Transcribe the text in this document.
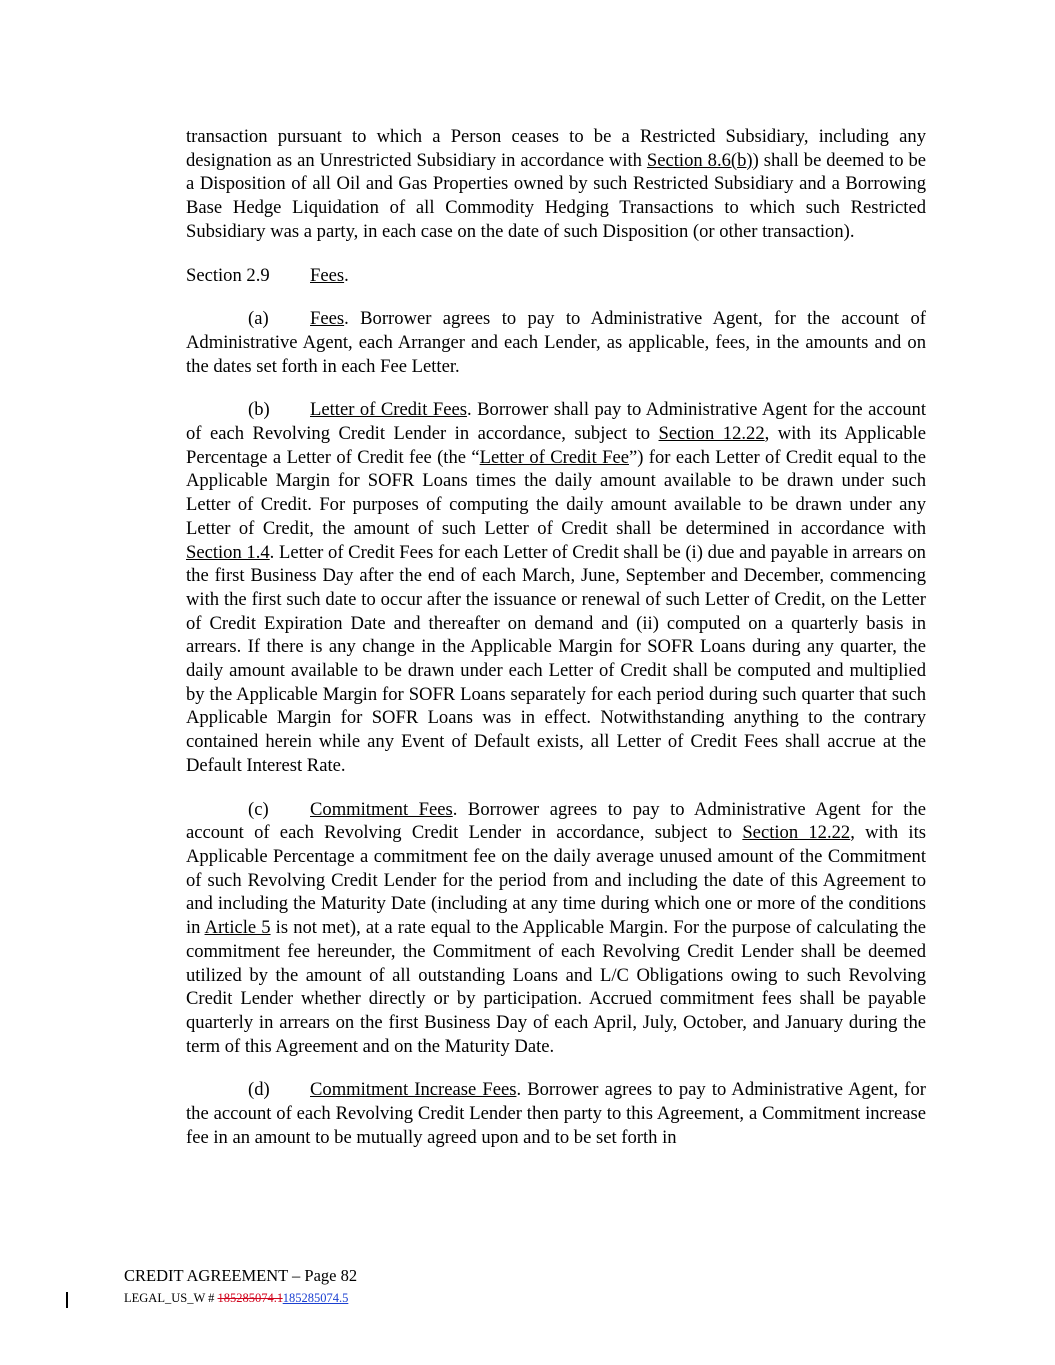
transaction pursuant to which a Person ceases to be a Restricted Subsidiary, including any designation as an Unrestricted Subsidiary in accordance with Section 8.6(b)) shall be deemed to be a Disposition of all Oil and Gas Properties owned by such Restricted Subsidiary and a Borrowing Base Hedge Liquidation of all Commodity Hedging Transactions to which such Restricted Subsidiary was a party, in each case on the date of such Disposition (or other transaction).

Section 2.9 Fees.

(a) Fees. Borrower agrees to pay to Administrative Agent, for the account of Administrative Agent, each Arranger and each Lender, as applicable, fees, in the amounts and on the dates set forth in each Fee Letter.

(b) Letter of Credit Fees. Borrower shall pay to Administrative Agent for the account of each Revolving Credit Lender in accordance, subject to Section 12.22, with its Applicable Percentage a Letter of Credit fee (the “Letter of Credit Fee”) for each Letter of Credit equal to the Applicable Margin for SOFR Loans times the daily amount available to be drawn under such Letter of Credit. For purposes of computing the daily amount available to be drawn under any Letter of Credit, the amount of such Letter of Credit shall be determined in accordance with Section 1.4. Letter of Credit Fees for each Letter of Credit shall be (i) due and payable in arrears on the first Business Day after the end of each March, June, September and December, commencing with the first such date to occur after the issuance or renewal of such Letter of Credit, on the Letter of Credit Expiration Date and thereafter on demand and (ii) computed on a quarterly basis in arrears. If there is any change in the Applicable Margin for SOFR Loans during any quarter, the daily amount available to be drawn under each Letter of Credit shall be computed and multiplied by the Applicable Margin for SOFR Loans separately for each period during such quarter that such Applicable Margin for SOFR Loans was in effect. Notwithstanding anything to the contrary contained herein while any Event of Default exists, all Letter of Credit Fees shall accrue at the Default Interest Rate.

(c) Commitment Fees. Borrower agrees to pay to Administrative Agent for the account of each Revolving Credit Lender in accordance, subject to Section 12.22, with its Applicable Percentage a commitment fee on the daily average unused amount of the Commitment of such Revolving Credit Lender for the period from and including the date of this Agreement to and including the Maturity Date (including at any time during which one or more of the conditions in Article 5 is not met), at a rate equal to the Applicable Margin. For the purpose of calculating the commitment fee hereunder, the Commitment of each Revolving Credit Lender shall be deemed utilized by the amount of all outstanding Loans and L/C Obligations owing to such Revolving Credit Lender whether directly or by participation. Accrued commitment fees shall be payable quarterly in arrears on the first Business Day of each April, July, October, and January during the term of this Agreement and on the Maturity Date.

(d) Commitment Increase Fees. Borrower agrees to pay to Administrative Agent, for the account of each Revolving Credit Lender then party to this Agreement, a Commitment increase fee in an amount to be mutually agreed upon and to be set forth in

CREDIT AGREEMENT – Page 82
LEGAL_US_W # 185285074.1185285074.5
